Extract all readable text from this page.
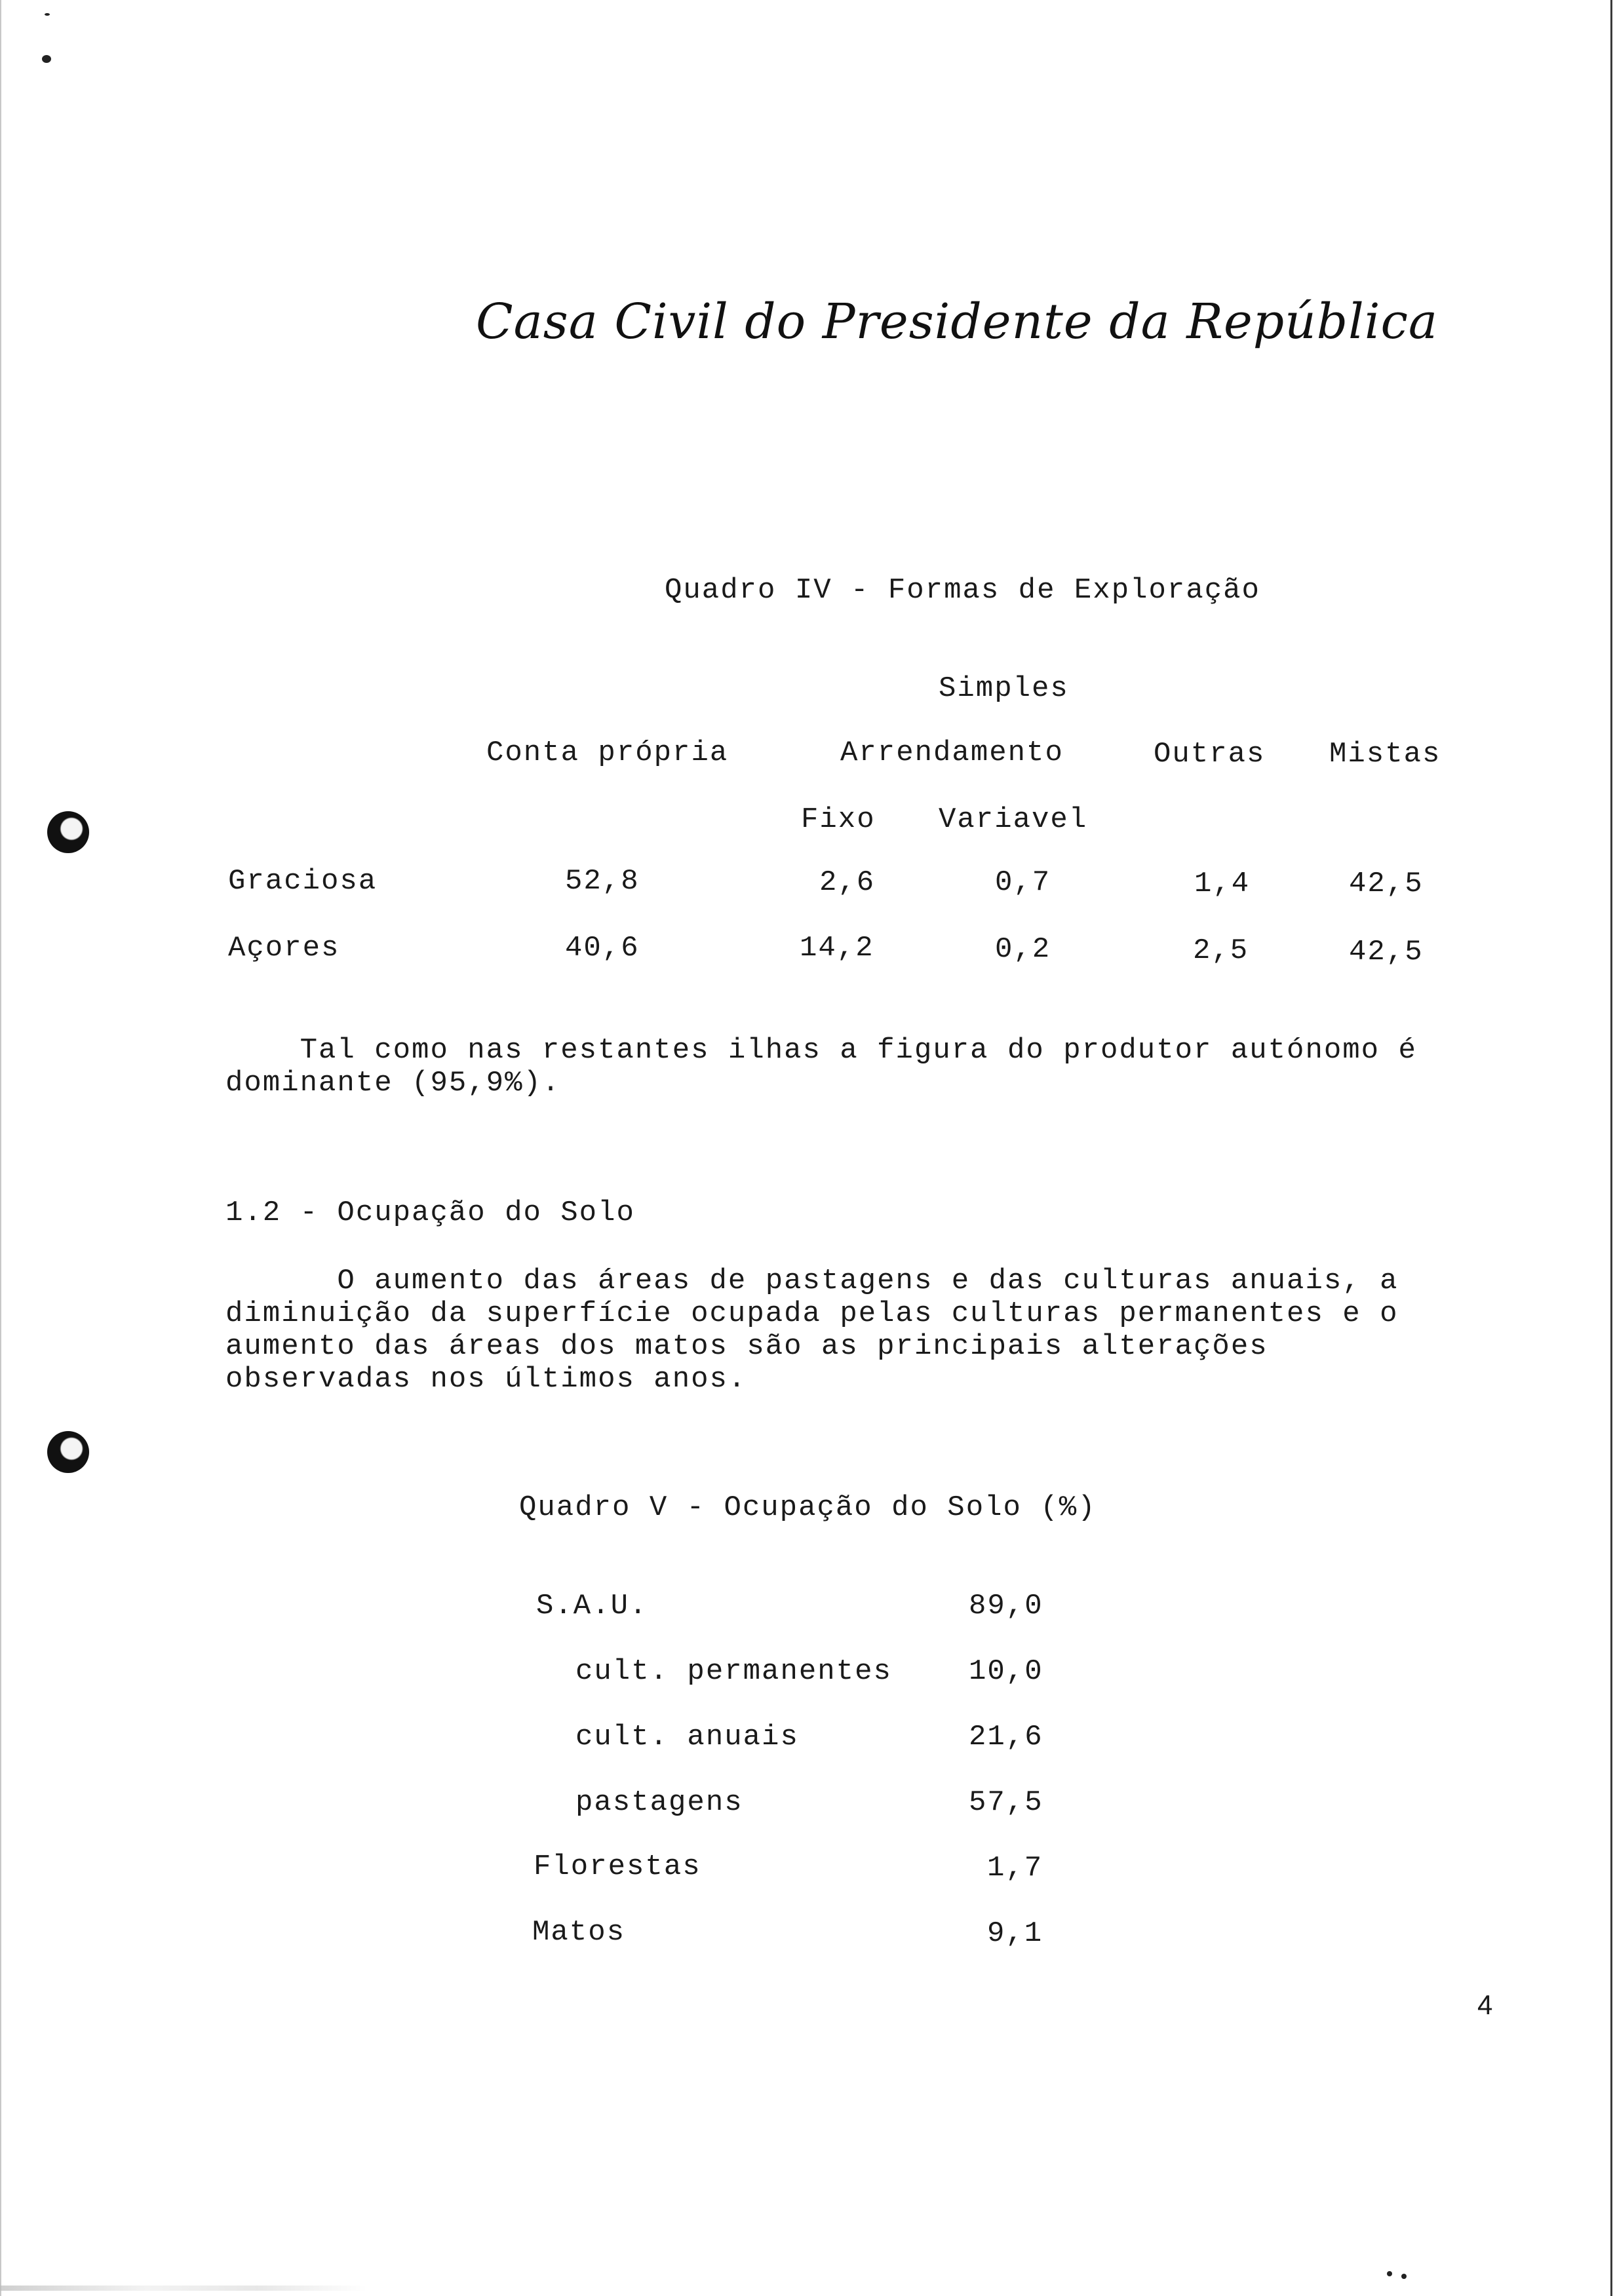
Casa Civil do Presidente da República
Quadro IV - Formas de Exploração
Simples
Conta própria	Arrendamento	Outras Mistas
Fixo Variavel
Graciosa	52,8	2,6	0,7	1,4	42,5
Açores	40,6	14,2	0,2	2,5	42,5
Tal como nas restantes ilhas a figura do produtor autónomo é
dominante (95,9%).
1.2 - Ocupação do Solo
O aumento das áreas de pastagens e das culturas anuais, a
diminuição da superfície ocupada pelas culturas permanentes e o
aumento das áreas dos matos são as principais alterações
observadas nos últimos anos.
Quadro V - Ocupação do Solo (%)
S.A.U.	89,0
cult. permanentes	10,0
cult. anuais	21,6
pastagens	57,5
Florestas	1,7
Matos	9,1
4
